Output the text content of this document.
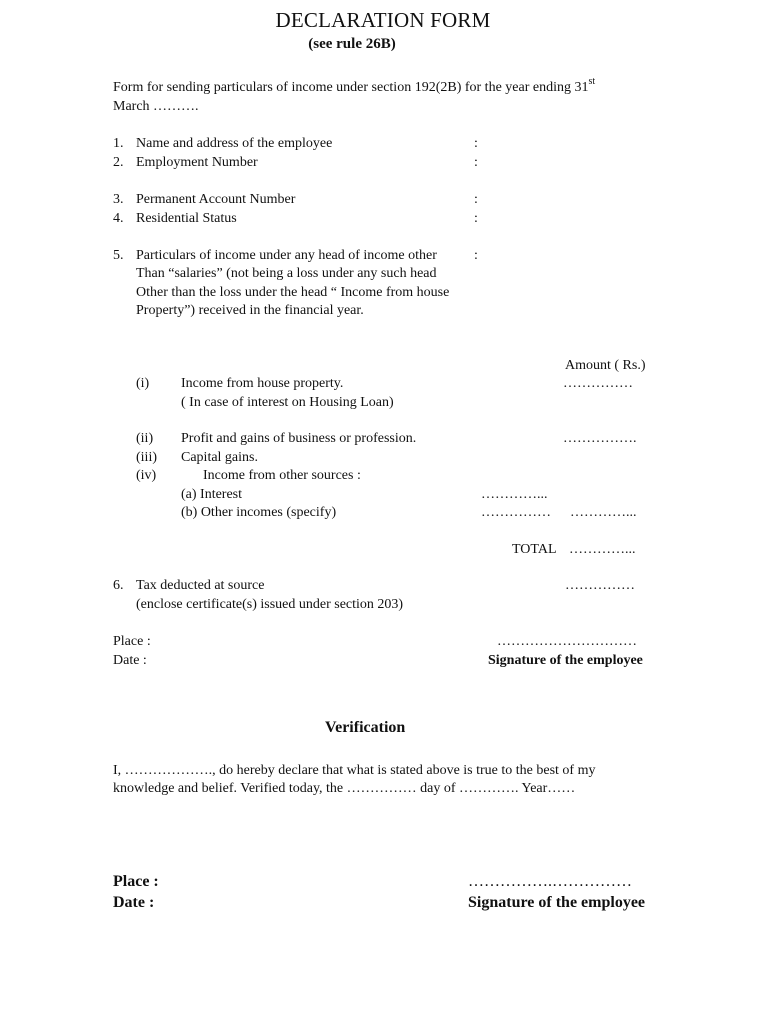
DECLARATION FORM
(see rule 26B)
Form for sending particulars of income under section 192(2B) for the year ending 31st
March ……….
1. Name and address of the employee	:
2. Employment Number	:
3. Permanent Account Number	:
4. Residential Status	:
5. Particulars of income under any head of income other	:
Than “salaries” (not being a loss under any such head
Other than the loss under the head “ Income from house
Property”) received in the financial year.
Amount ( Rs.)
(i) Income from house property.	……………
( In case of interest on Housing Loan)
(ii) Profit and gains of business or profession.	…………….
(iii) Capital gains.
(iv)	Income from other sources :
(a) Interest	…………...
(b) Other incomes (specify)	…………… …………...
TOTAL …………...
6. Tax deducted at source	……………
(enclose certificate(s) issued under section 203)
Place :	…………………………
Date :	Signature of the employee
Verification
I, ………………., do hereby declare that what is stated above is true to the best of my
knowledge and belief. Verified today, the …………… day of …………. Year……
Place :	…………….……………
Date :	Signature of the employee
